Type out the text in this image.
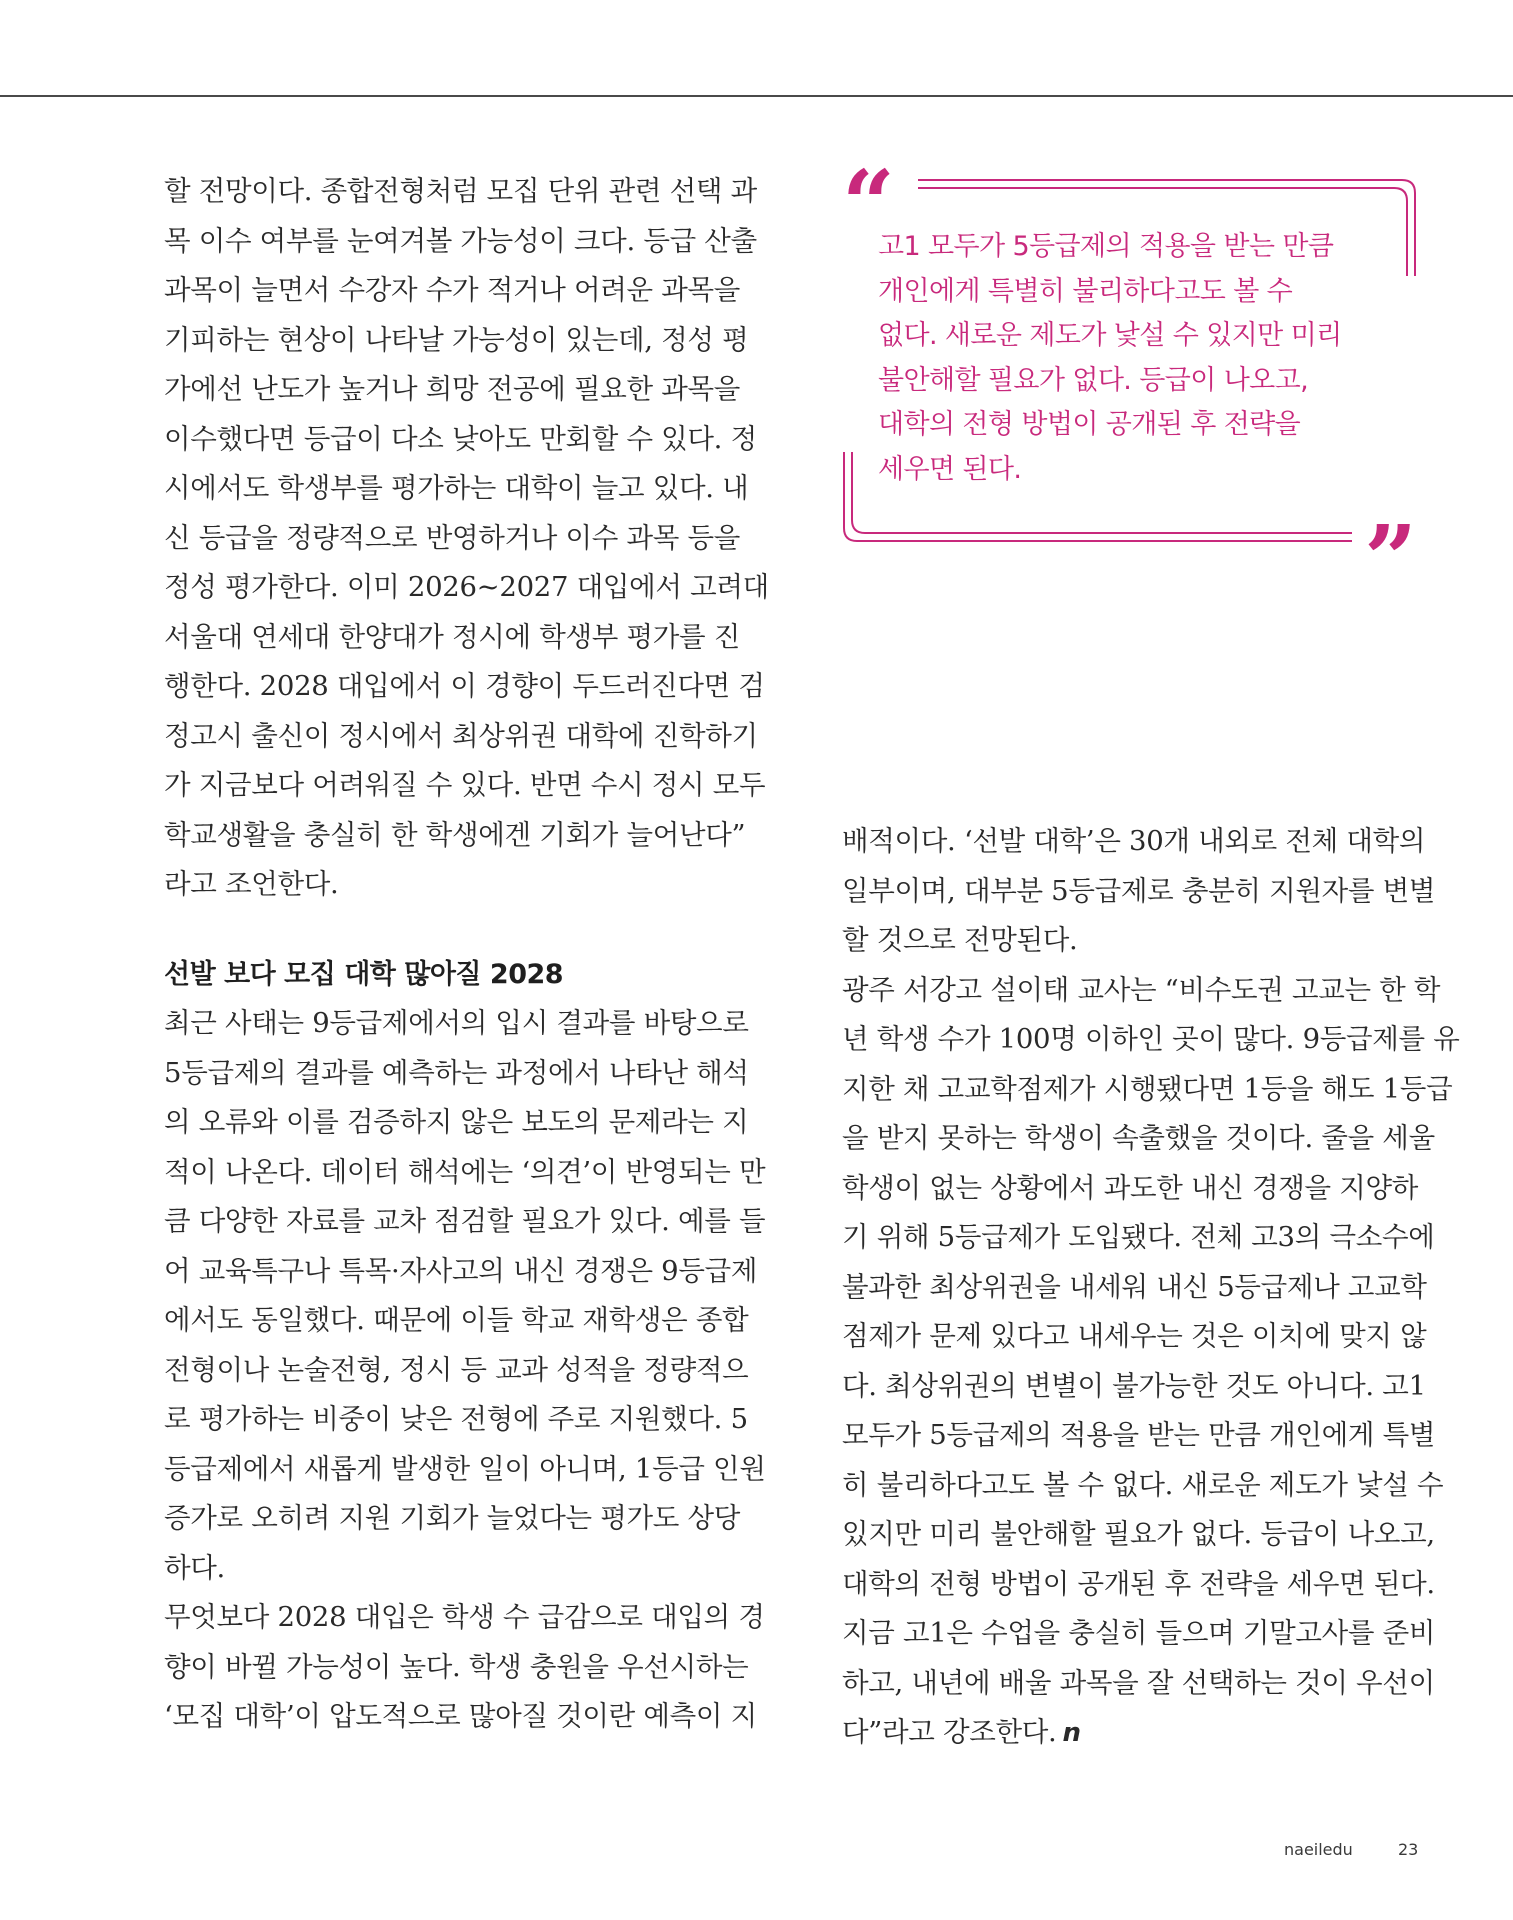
할 전망이다. 종합전형처럼 모집 단위 관련 선택 과
목 이수 여부를 눈여겨볼 가능성이 크다. 등급 산출
과목이 늘면서 수강자 수가 적거나 어려운 과목을
기피하는 현상이 나타날 가능성이 있는데, 정성 평
가에선 난도가 높거나 희망 전공에 필요한 과목을
이수했다면 등급이 다소 낮아도 만회할 수 있다. 정
시에서도 학생부를 평가하는 대학이 늘고 있다. 내
신 등급을 정량적으로 반영하거나 이수 과목 등을
정성 평가한다. 이미 2026~2027 대입에서 고려대
서울대 연세대 한양대가 정시에 학생부 평가를 진
행한다. 2028 대입에서 이 경향이 두드러진다면 검
정고시 출신이 정시에서 최상위권 대학에 진학하기
가 지금보다 어려워질 수 있다. 반면 수시 정시 모두
학교생활을 충실히 한 학생에겐 기회가 늘어난다”
라고 조언한다.
선발 보다 모집 대학 많아질 2028
최근 사태는 9등급제에서의 입시 결과를 바탕으로
5등급제의 결과를 예측하는 과정에서 나타난 해석
의 오류와 이를 검증하지 않은 보도의 문제라는 지
적이 나온다. 데이터 해석에는 ‘의견’이 반영되는 만
큼 다양한 자료를 교차 점검할 필요가 있다. 예를 들
어 교육특구나 특목·자사고의 내신 경쟁은 9등급제
에서도 동일했다. 때문에 이들 학교 재학생은 종합
전형이나 논술전형, 정시 등 교과 성적을 정량적으
로 평가하는 비중이 낮은 전형에 주로 지원했다. 5
등급제에서 새롭게 발생한 일이 아니며, 1등급 인원
증가로 오히려 지원 기회가 늘었다는 평가도 상당
하다.
무엇보다 2028 대입은 학생 수 급감으로 대입의 경
향이 바뀔 가능성이 높다. 학생 충원을 우선시하는
‘모집 대학’이 압도적으로 많아질 것이란 예측이 지
“
고1 모두가 5등급제의 적용을 받는 만큼
개인에게 특별히 불리하다고도 볼 수
없다. 새로운 제도가 낯설 수 있지만 미리
불안해할 필요가 없다. 등급이 나오고,
대학의 전형 방법이 공개된 후 전략을
세우면 된다.
”
배적이다. ‘선발 대학’은 30개 내외로 전체 대학의
일부이며, 대부분 5등급제로 충분히 지원자를 변별
할 것으로 전망된다.
광주 서강고 설이태 교사는 “비수도권 고교는 한 학
년 학생 수가 100명 이하인 곳이 많다. 9등급제를 유
지한 채 고교학점제가 시행됐다면 1등을 해도 1등급
을 받지 못하는 학생이 속출했을 것이다. 줄을 세울
학생이 없는 상황에서 과도한 내신 경쟁을 지양하
기 위해 5등급제가 도입됐다. 전체 고3의 극소수에
불과한 최상위권을 내세워 내신 5등급제나 고교학
점제가 문제 있다고 내세우는 것은 이치에 맞지 않
다. 최상위권의 변별이 불가능한 것도 아니다. 고1
모두가 5등급제의 적용을 받는 만큼 개인에게 특별
히 불리하다고도 볼 수 없다. 새로운 제도가 낯설 수
있지만 미리 불안해할 필요가 없다. 등급이 나오고,
대학의 전형 방법이 공개된 후 전략을 세우면 된다.
지금 고1은 수업을 충실히 들으며 기말고사를 준비
하고, 내년에 배울 과목을 잘 선택하는 것이 우선이
다”라고 강조한다. n
naeiledu	23
